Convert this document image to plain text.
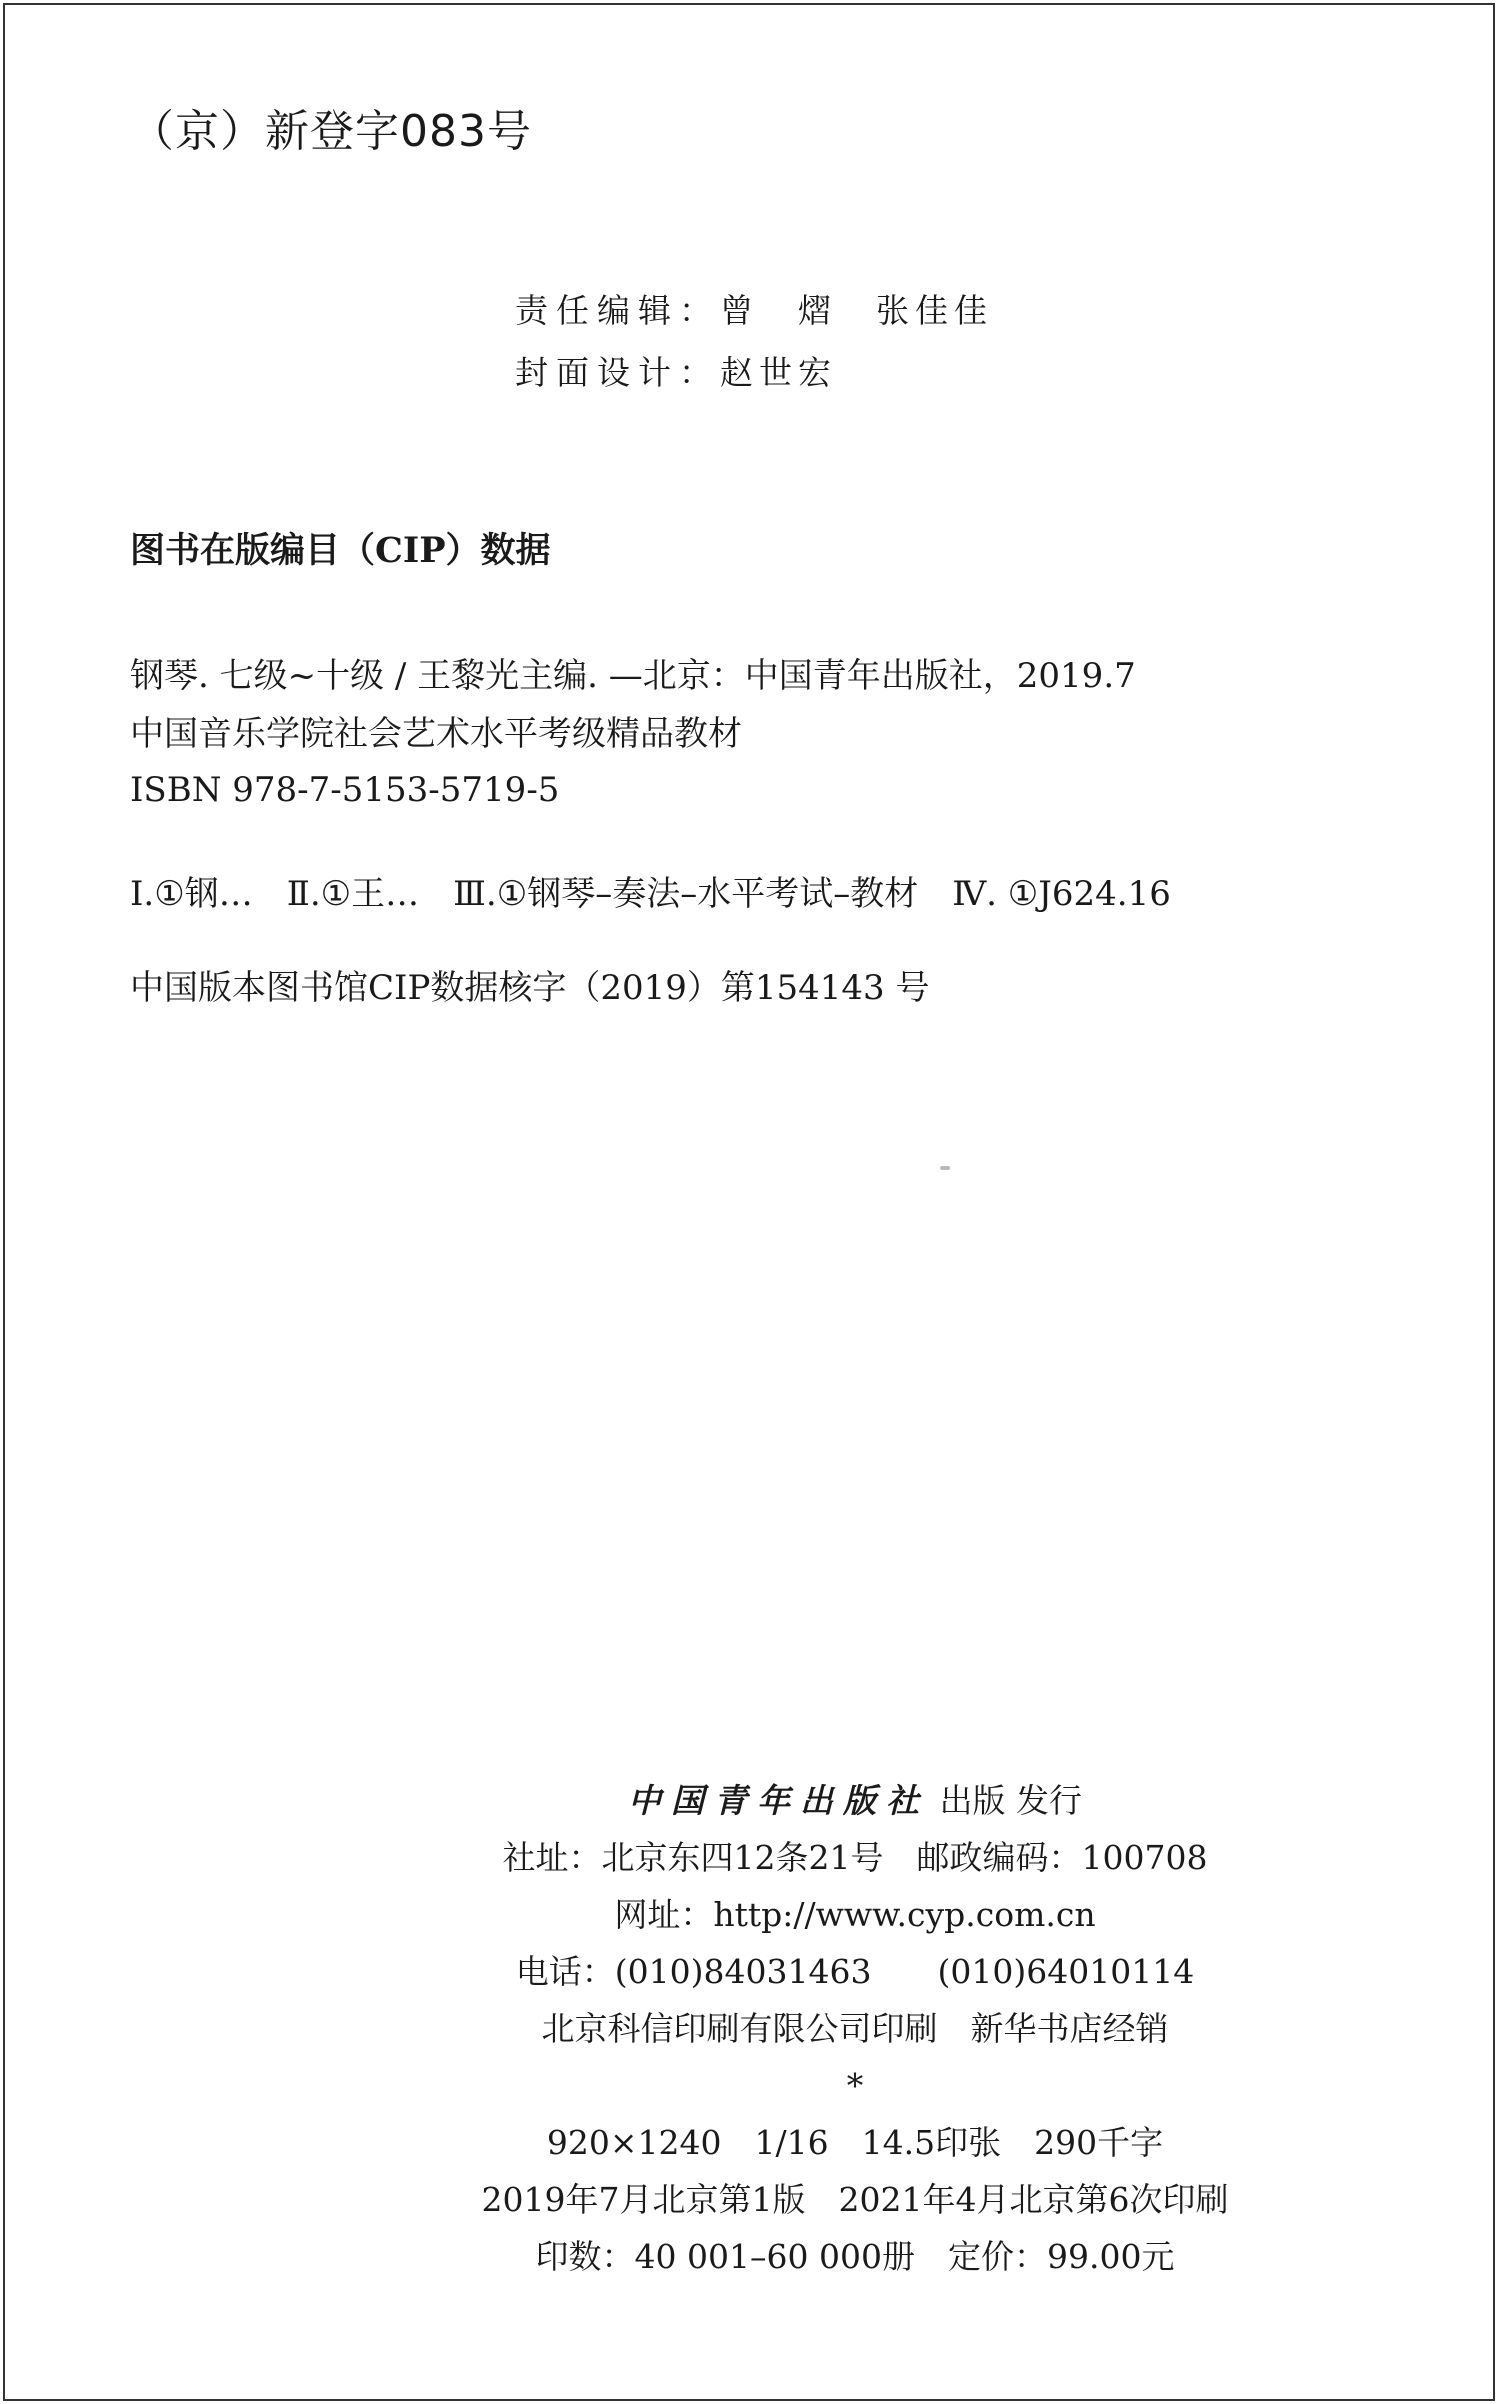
（京）新登字083号
责任编辑：曾　熠　张佳佳
封面设计：赵世宏
图书在版编目（CIP）数据
钢琴. 七级~十级 / 王黎光主编. —北京：中国青年出版社，2019.7
中国音乐学院社会艺术水平考级精品教材
ISBN 978-7-5153-5719-5
Ⅰ.①钢…　Ⅱ.①王…　Ⅲ.①钢琴–奏法–水平考试–教材　Ⅳ. ①J624.16
中国版本图书馆CIP数据核字（2019）第154143 号
中国青年出版社 出版 发行
社址：北京东四12条21号　邮政编码：100708
网址：http://www.cyp.com.cn
电话：(010)84031463　　(010)64010114
北京科信印刷有限公司印刷　新华书店经销
*
920×1240　1/16　14.5印张　290千字
2019年7月北京第1版　2021年4月北京第6次印刷
印数：40 001–60 000册　定价：99.00元
